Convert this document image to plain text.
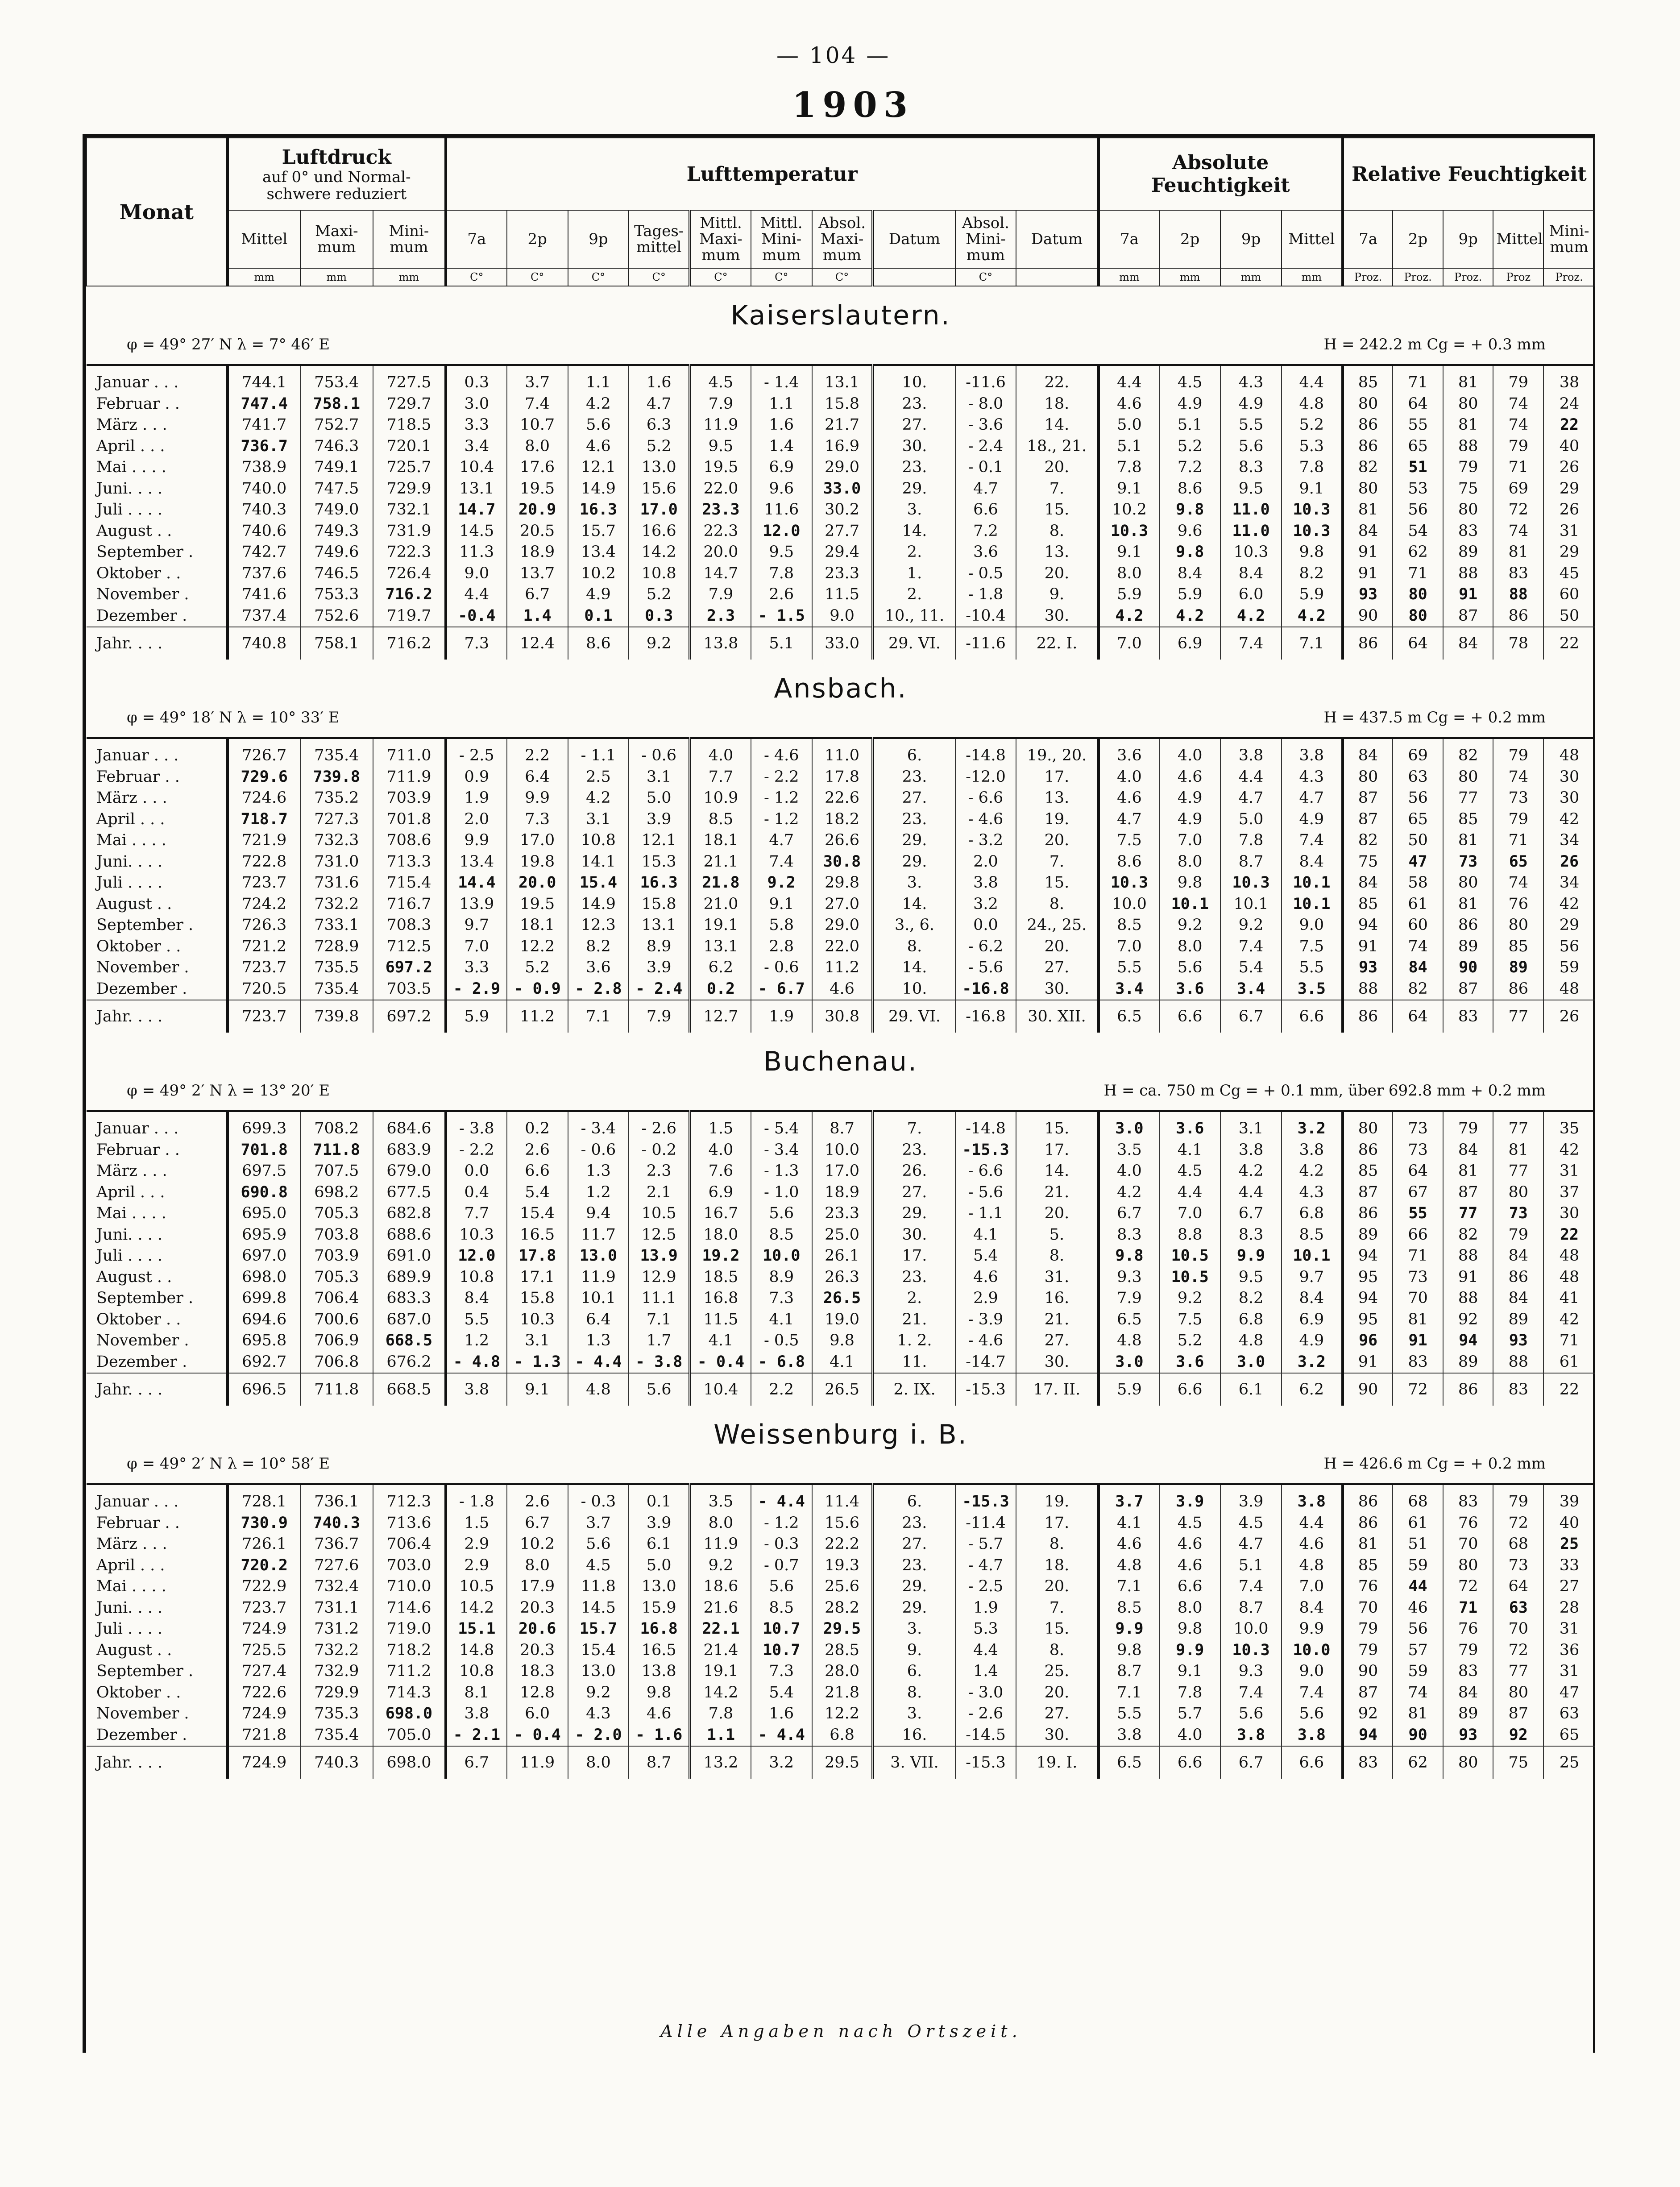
— 104 —
1903
Monat	Luftdruck
auf 0° und Normal-schwere reduziert			Lufttemperatur										Absolute Feuchtigkeit				Relative Feuchtigkeit				
	Mittel	Maxi-mum	Mini-mum	7a	2p	9p	Tages-mittel	Mittl. Maxi-mum	Mittl. Mini-mum	Absol. Maxi-mum	Datum	Absol. Mini-mum	Datum	7a	2p	9p	Mittel	7a	2p	9p	Mittel	Mini-mum
	mm	mm	mm	C°	C°	C°	C°	C°	C°	C°		C°		mm	mm	mm	mm	Proz.	Proz.	Proz.	Proz	Proz.
Kaiserslautern.																						
φ = 49° 27′ N λ = 7° 46′ E											H = 242.2 m Cg = + 0.3 mm											

Januar . . .	744.1	753.4	727.5	0.3	3.7	1.1	1.6	4.5	- 1.4	13.1	10.	-11.6	22.	4.4	4.5	4.3	4.4	85	71	81	79	38
Februar . .	747.4	758.1	729.7	3.0	7.4	4.2	4.7	7.9	1.1	15.8	23.	- 8.0	18.	4.6	4.9	4.9	4.8	80	64	80	74	24
März . . .	741.7	752.7	718.5	3.3	10.7	5.6	6.3	11.9	1.6	21.7	27.	- 3.6	14.	5.0	5.1	5.5	5.2	86	55	81	74	22
April . . .	736.7	746.3	720.1	3.4	8.0	4.6	5.2	9.5	1.4	16.9	30.	- 2.4	18., 21.	5.1	5.2	5.6	5.3	86	65	88	79	40
Mai . . . .	738.9	749.1	725.7	10.4	17.6	12.1	13.0	19.5	6.9	29.0	23.	- 0.1	20.	7.8	7.2	8.3	7.8	82	51	79	71	26
Juni. . . .	740.0	747.5	729.9	13.1	19.5	14.9	15.6	22.0	9.6	33.0	29.	4.7	7.	9.1	8.6	9.5	9.1	80	53	75	69	29
Juli . . . .	740.3	749.0	732.1	14.7	20.9	16.3	17.0	23.3	11.6	30.2	3.	6.6	15.	10.2	9.8	11.0	10.3	81	56	80	72	26
August . .	740.6	749.3	731.9	14.5	20.5	15.7	16.6	22.3	12.0	27.7	14.	7.2	8.	10.3	9.6	11.0	10.3	84	54	83	74	31
September .	742.7	749.6	722.3	11.3	18.9	13.4	14.2	20.0	9.5	29.4	2.	3.6	13.	9.1	9.8	10.3	9.8	91	62	89	81	29
Oktober . .	737.6	746.5	726.4	9.0	13.7	10.2	10.8	14.7	7.8	23.3	1.	- 0.5	20.	8.0	8.4	8.4	8.2	91	71	88	83	45
November .	741.6	753.3	716.2	4.4	6.7	4.9	5.2	7.9	2.6	11.5	2.	- 1.8	9.	5.9	5.9	6.0	5.9	93	80	91	88	60
Dezember .	737.4	752.6	719.7	-0.4	1.4	0.1	0.3	2.3	- 1.5	9.0	10., 11.	-10.4	30.	4.2	4.2	4.2	4.2	90	80	87	86	50
Jahr. . . .	740.8	758.1	716.2	7.3	12.4	8.6	9.2	13.8	5.1	33.0	29. VI.	-11.6	22. I.	7.0	6.9	7.4	7.1	86	64	84	78	22
Ansbach.																						
φ = 49° 18′ N λ = 10° 33′ E											H = 437.5 m Cg = + 0.2 mm											

Januar . . .	726.7	735.4	711.0	- 2.5	2.2	- 1.1	- 0.6	4.0	- 4.6	11.0	6.	-14.8	19., 20.	3.6	4.0	3.8	3.8	84	69	82	79	48
Februar . .	729.6	739.8	711.9	0.9	6.4	2.5	3.1	7.7	- 2.2	17.8	23.	-12.0	17.	4.0	4.6	4.4	4.3	80	63	80	74	30
März . . .	724.6	735.2	703.9	1.9	9.9	4.2	5.0	10.9	- 1.2	22.6	27.	- 6.6	13.	4.6	4.9	4.7	4.7	87	56	77	73	30
April . . .	718.7	727.3	701.8	2.0	7.3	3.1	3.9	8.5	- 1.2	18.2	23.	- 4.6	19.	4.7	4.9	5.0	4.9	87	65	85	79	42
Mai . . . .	721.9	732.3	708.6	9.9	17.0	10.8	12.1	18.1	4.7	26.6	29.	- 3.2	20.	7.5	7.0	7.8	7.4	82	50	81	71	34
Juni. . . .	722.8	731.0	713.3	13.4	19.8	14.1	15.3	21.1	7.4	30.8	29.	2.0	7.	8.6	8.0	8.7	8.4	75	47	73	65	26
Juli . . . .	723.7	731.6	715.4	14.4	20.0	15.4	16.3	21.8	9.2	29.8	3.	3.8	15.	10.3	9.8	10.3	10.1	84	58	80	74	34
August . .	724.2	732.2	716.7	13.9	19.5	14.9	15.8	21.0	9.1	27.0	14.	3.2	8.	10.0	10.1	10.1	10.1	85	61	81	76	42
September .	726.3	733.1	708.3	9.7	18.1	12.3	13.1	19.1	5.8	29.0	3., 6.	0.0	24., 25.	8.5	9.2	9.2	9.0	94	60	86	80	29
Oktober . .	721.2	728.9	712.5	7.0	12.2	8.2	8.9	13.1	2.8	22.0	8.	- 6.2	20.	7.0	8.0	7.4	7.5	91	74	89	85	56
November .	723.7	735.5	697.2	3.3	5.2	3.6	3.9	6.2	- 0.6	11.2	14.	- 5.6	27.	5.5	5.6	5.4	5.5	93	84	90	89	59
Dezember .	720.5	735.4	703.5	- 2.9	- 0.9	- 2.8	- 2.4	0.2	- 6.7	4.6	10.	-16.8	30.	3.4	3.6	3.4	3.5	88	82	87	86	48
Jahr. . . .	723.7	739.8	697.2	5.9	11.2	7.1	7.9	12.7	1.9	30.8	29. VI.	-16.8	30. XII.	6.5	6.6	6.7	6.6	86	64	83	77	26
Buchenau.																						
φ = 49° 2′ N λ = 13° 20′ E											H = ca. 750 m Cg = + 0.1 mm, über 692.8 mm + 0.2 mm											

Januar . . .	699.3	708.2	684.6	- 3.8	0.2	- 3.4	- 2.6	1.5	- 5.4	8.7	7.	-14.8	15.	3.0	3.6	3.1	3.2	80	73	79	77	35
Februar . .	701.8	711.8	683.9	- 2.2	2.6	- 0.6	- 0.2	4.0	- 3.4	10.0	23.	-15.3	17.	3.5	4.1	3.8	3.8	86	73	84	81	42
März . . .	697.5	707.5	679.0	0.0	6.6	1.3	2.3	7.6	- 1.3	17.0	26.	- 6.6	14.	4.0	4.5	4.2	4.2	85	64	81	77	31
April . . .	690.8	698.2	677.5	0.4	5.4	1.2	2.1	6.9	- 1.0	18.9	27.	- 5.6	21.	4.2	4.4	4.4	4.3	87	67	87	80	37
Mai . . . .	695.0	705.3	682.8	7.7	15.4	9.4	10.5	16.7	5.6	23.3	29.	- 1.1	20.	6.7	7.0	6.7	6.8	86	55	77	73	30
Juni. . . .	695.9	703.8	688.6	10.3	16.5	11.7	12.5	18.0	8.5	25.0	30.	4.1	5.	8.3	8.8	8.3	8.5	89	66	82	79	22
Juli . . . .	697.0	703.9	691.0	12.0	17.8	13.0	13.9	19.2	10.0	26.1	17.	5.4	8.	9.8	10.5	9.9	10.1	94	71	88	84	48
August . .	698.0	705.3	689.9	10.8	17.1	11.9	12.9	18.5	8.9	26.3	23.	4.6	31.	9.3	10.5	9.5	9.7	95	73	91	86	48
September .	699.8	706.4	683.3	8.4	15.8	10.1	11.1	16.8	7.3	26.5	2.	2.9	16.	7.9	9.2	8.2	8.4	94	70	88	84	41
Oktober . .	694.6	700.6	687.0	5.5	10.3	6.4	7.1	11.5	4.1	19.0	21.	- 3.9	21.	6.5	7.5	6.8	6.9	95	81	92	89	42
November .	695.8	706.9	668.5	1.2	3.1	1.3	1.7	4.1	- 0.5	9.8	1. 2.	- 4.6	27.	4.8	5.2	4.8	4.9	96	91	94	93	71
Dezember .	692.7	706.8	676.2	- 4.8	- 1.3	- 4.4	- 3.8	- 0.4	- 6.8	4.1	11.	-14.7	30.	3.0	3.6	3.0	3.2	91	83	89	88	61
Jahr. . . .	696.5	711.8	668.5	3.8	9.1	4.8	5.6	10.4	2.2	26.5	2. IX.	-15.3	17. II.	5.9	6.6	6.1	6.2	90	72	86	83	22
Weissenburg i. B.																						
φ = 49° 2′ N λ = 10° 58′ E											H = 426.6 m Cg = + 0.2 mm											

Januar . . .	728.1	736.1	712.3	- 1.8	2.6	- 0.3	0.1	3.5	- 4.4	11.4	6.	-15.3	19.	3.7	3.9	3.9	3.8	86	68	83	79	39
Februar . .	730.9	740.3	713.6	1.5	6.7	3.7	3.9	8.0	- 1.2	15.6	23.	-11.4	17.	4.1	4.5	4.5	4.4	86	61	76	72	40
März . . .	726.1	736.7	706.4	2.9	10.2	5.6	6.1	11.9	- 0.3	22.2	27.	- 5.7	8.	4.6	4.6	4.7	4.6	81	51	70	68	25
April . . .	720.2	727.6	703.0	2.9	8.0	4.5	5.0	9.2	- 0.7	19.3	23.	- 4.7	18.	4.8	4.6	5.1	4.8	85	59	80	73	33
Mai . . . .	722.9	732.4	710.0	10.5	17.9	11.8	13.0	18.6	5.6	25.6	29.	- 2.5	20.	7.1	6.6	7.4	7.0	76	44	72	64	27
Juni. . . .	723.7	731.1	714.6	14.2	20.3	14.5	15.9	21.6	8.5	28.2	29.	1.9	7.	8.5	8.0	8.7	8.4	70	46	71	63	28
Juli . . . .	724.9	731.2	719.0	15.1	20.6	15.7	16.8	22.1	10.7	29.5	3.	5.3	15.	9.9	9.8	10.0	9.9	79	56	76	70	31
August . .	725.5	732.2	718.2	14.8	20.3	15.4	16.5	21.4	10.7	28.5	9.	4.4	8.	9.8	9.9	10.3	10.0	79	57	79	72	36
September .	727.4	732.9	711.2	10.8	18.3	13.0	13.8	19.1	7.3	28.0	6.	1.4	25.	8.7	9.1	9.3	9.0	90	59	83	77	31
Oktober . .	722.6	729.9	714.3	8.1	12.8	9.2	9.8	14.2	5.4	21.8	8.	- 3.0	20.	7.1	7.8	7.4	7.4	87	74	84	80	47
November .	724.9	735.3	698.0	3.8	6.0	4.3	4.6	7.8	1.6	12.2	3.	- 2.6	27.	5.5	5.7	5.6	5.6	92	81	89	87	63
Dezember .	721.8	735.4	705.0	- 2.1	- 0.4	- 2.0	- 1.6	1.1	- 4.4	6.8	16.	-14.5	30.	3.8	4.0	3.8	3.8	94	90	93	92	65
Jahr. . . .	724.9	740.3	698.0	6.7	11.9	8.0	8.7	13.2	3.2	29.5	3. VII.	-15.3	19. I.	6.5	6.6	6.7	6.6	83	62	80	75	25
Alle Angaben nach Ortszeit.
